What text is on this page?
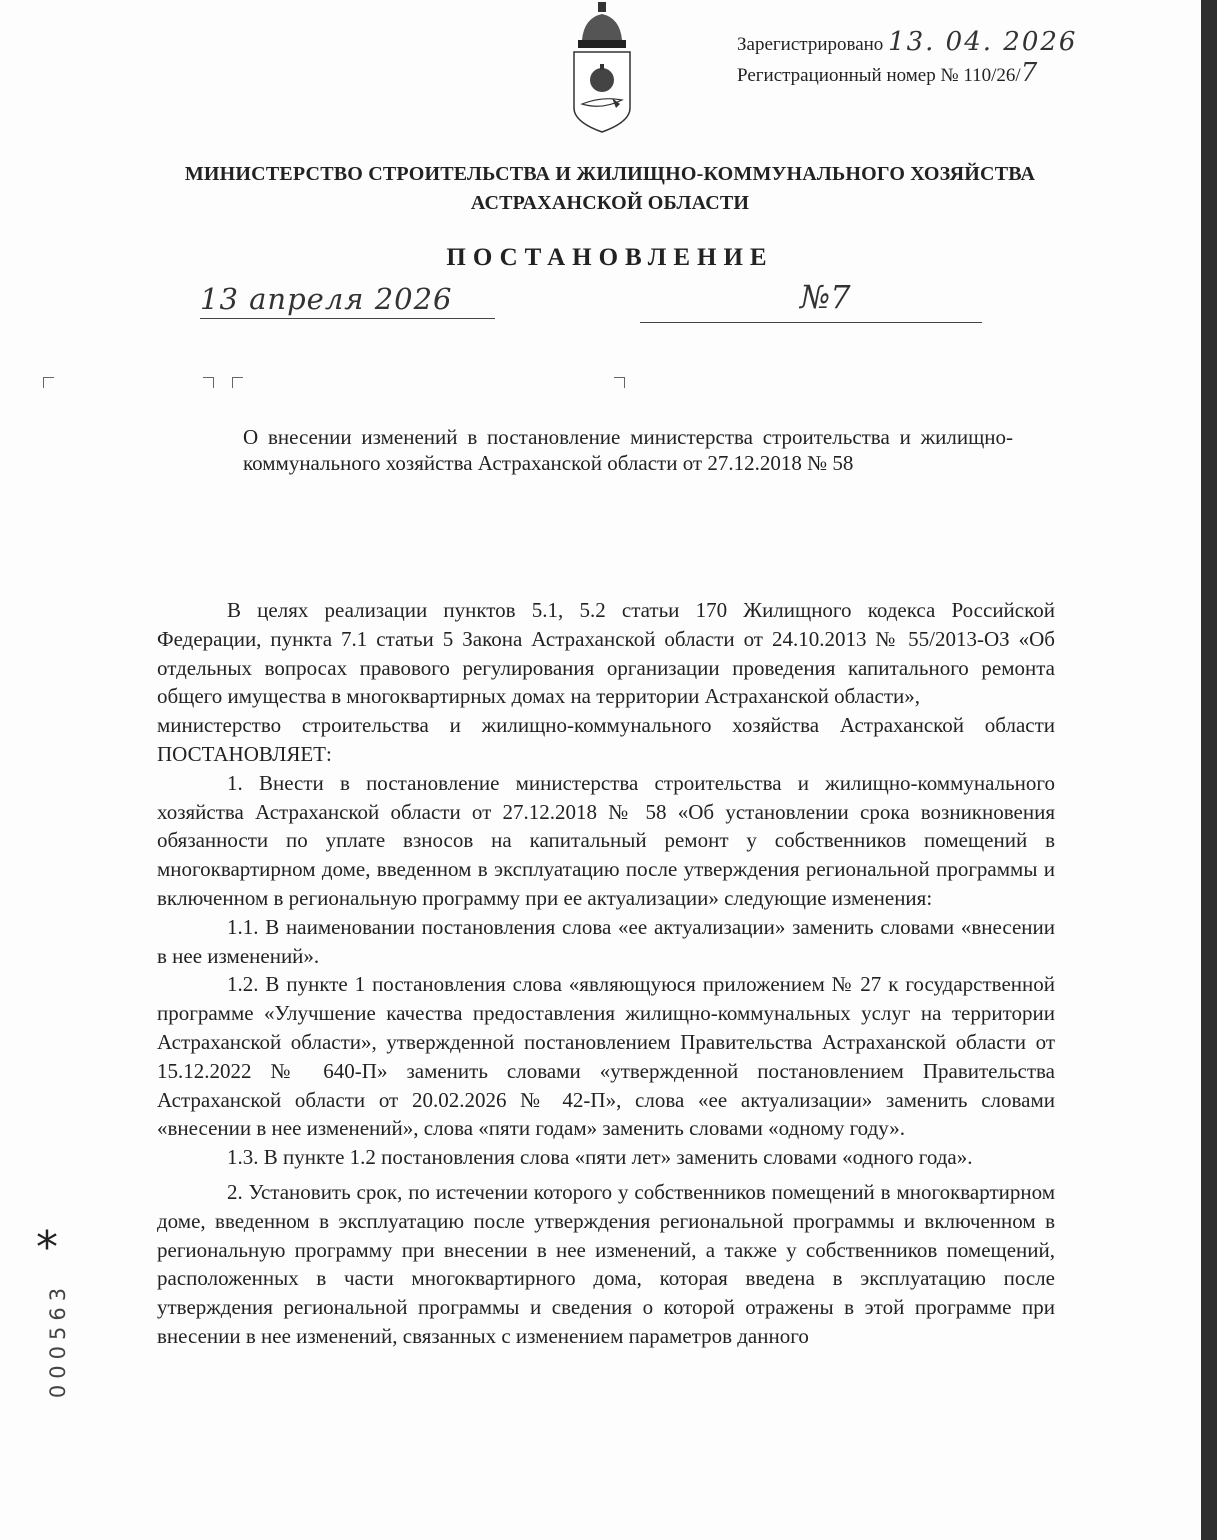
Зарегистрировано 13. 04. 2026
Регистрационный номер № 110/26/7
МИНИСТЕРСТВО СТРОИТЕЛЬСТВА И ЖИЛИЩНО-КОММУНАЛЬНОГО ХОЗЯЙСТВА
АСТРАХАНСКОЙ ОБЛАСТИ
ПОСТАНОВЛЕНИЕ
13 апреля 2026	№7
О внесении изменений в постановление министерства строительства и жилищно-коммунального хозяйства Астраханской области от 27.12.2018 № 58

В целях реализации пунктов 5.1, 5.2 статьи 170 Жилищного кодекса Российской Федерации, пункта 7.1 статьи 5 Закона Астраханской области от 24.10.2013 № 55/2013-ОЗ «Об отдельных вопросах правового регулирования организации проведения капитального ремонта общего имущества в многоквартирных домах на территории Астраханской области»,

министерство строительства и жилищно-коммунального хозяйства Астраханской области ПОСТАНОВЛЯЕТ:

1. Внести в постановление министерства строительства и жилищно-коммунального хозяйства Астраханской области от 27.12.2018 № 58 «Об установлении срока возникновения обязанности по уплате взносов на капитальный ремонт у собственников помещений в многоквартирном доме, введенном в эксплуатацию после утверждения региональной программы и включенном в региональную программу при ее актуализации» следующие изменения:

1.1. В наименовании постановления слова «ее актуализации» заменить словами «внесении в нее изменений».

1.2. В пункте 1 постановления слова «являющуюся приложением № 27 к государственной программе «Улучшение качества предоставления жилищно-коммунальных услуг на территории Астраханской области», утвержденной постановлением Правительства Астраханской области от 15.12.2022 № 640-П» заменить словами «утвержденной постановлением Правительства Астраханской области от 20.02.2026 № 42-П», слова «ее актуализации» заменить словами «внесении в нее изменений», слова «пяти годам» заменить словами «одному году».

1.3. В пункте 1.2 постановления слова «пяти лет» заменить словами «одного года».

2. Установить срок, по истечении которого у собственников помещений в многоквартирном доме, введенном в эксплуатацию после утверждения региональной программы и включенном в региональную программу при внесении в нее изменений, а также у собственников помещений, расположенных в части многоквартирного дома, которая введена в эксплуатацию после утверждения региональной программы и сведения о которой отражены в этой программе при внесении в нее изменений, связанных с изменением параметров данного

*
000563
